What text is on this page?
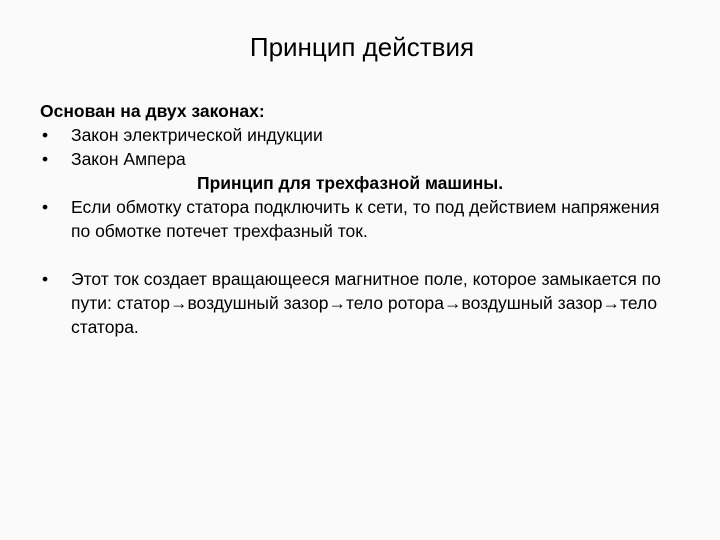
Принцип действия

Основан на двух законах:

• Закон электрической индукции
• Закон Ампера
Принцип для трехфазной машины.
• Если обмотку статора подключить к сети, то под действием напряжения по обмотке потечет трехфазный ток.
• Этот ток создает вращающееся магнитное поле, которое замыкается по пути: статор→воздушный зазор→тело ротора→воздушный зазор→тело статора.
